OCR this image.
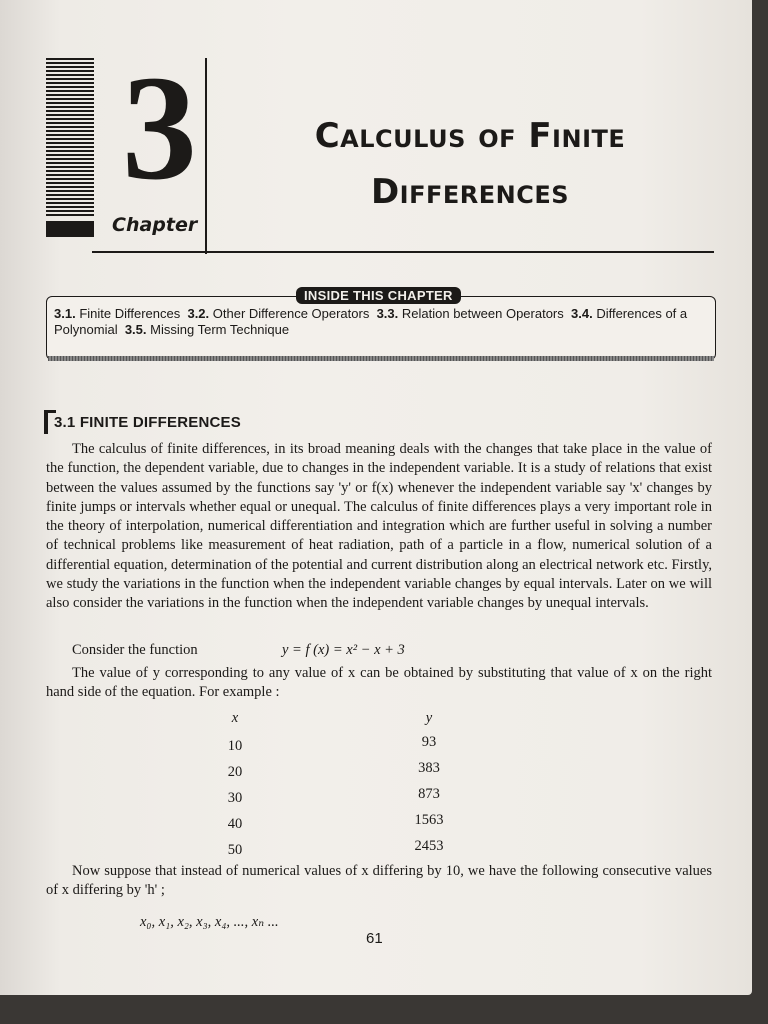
3
Chapter
Calculus of Finite
Differences
INSIDE THIS CHAPTER
3.1. Finite Differences 3.2. Other Difference Operators 3.3. Relation between Operators 3.4. Differences of a Polynomial 3.5. Missing Term Technique
3.1 FINITE DIFFERENCES
The calculus of finite differences, in its broad meaning deals with the changes that take place in the value of the function, the dependent variable, due to changes in the independent variable. It is a study of relations that exist between the values assumed by the functions say 'y' or f(x) whenever the independent variable say 'x' changes by finite jumps or intervals whether equal or unequal. The calculus of finite differences plays a very important role in the theory of interpolation, numerical differentiation and integration which are further useful in solving a number of technical problems like measurement of heat radiation, path of a particle in a flow, numerical solution of a differential equation, determination of the potential and current distribution along an electrical network etc. Firstly, we study the variations in the function when the independent variable changes by equal intervals. Later on we will also consider the variations in the function when the independent variable changes by unequal intervals.
Consider the function	y = f (x) = x² − x + 3
The value of y corresponding to any value of x can be obtained by substituting that value of x on the right hand side of the equation. For example :
x	y
10	93
20	383
30	873
40	1563
50	2453
Now suppose that instead of numerical values of x differing by 10, we have the following consecutive values of x differing by 'h' ;
x₀, x₁, x₂, x₃, x₄, ..., xₙ ...
61
